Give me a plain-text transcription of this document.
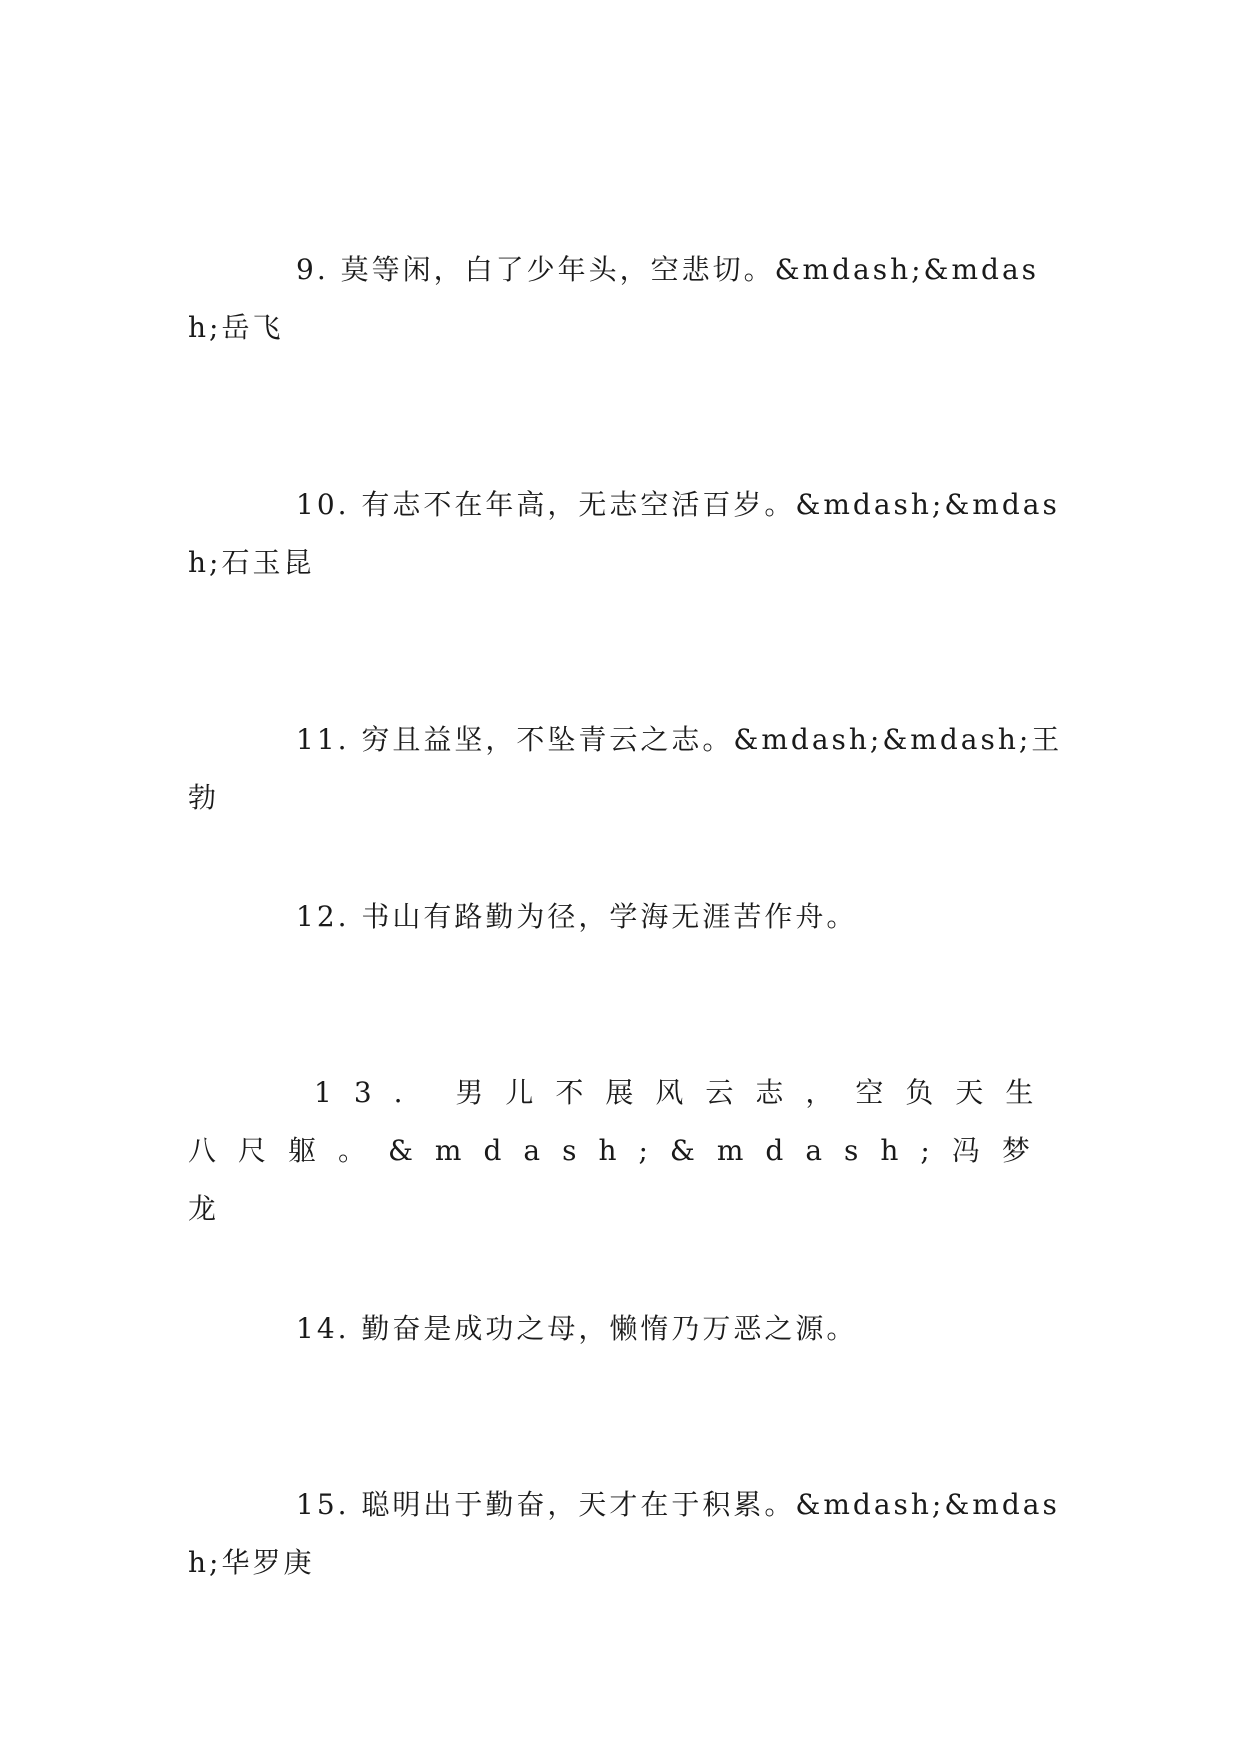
9. 莫等闲，白了少年头，空悲切。&mdash;&mdash;岳飞

10. 有志不在年高，无志空活百岁。&mdash;&mdash;石玉昆

11. 穷且益坚，不坠青云之志。&mdash;&mdash;王勃

12. 书山有路勤为径，学海无涯苦作舟。

13. 男儿不展风云志，空负天生八尺躯。&mdash;&mdash;冯梦龙

14. 勤奋是成功之母，懒惰乃万恶之源。

15. 聪明出于勤奋，天才在于积累。&mdash;&mdash;华罗庚
